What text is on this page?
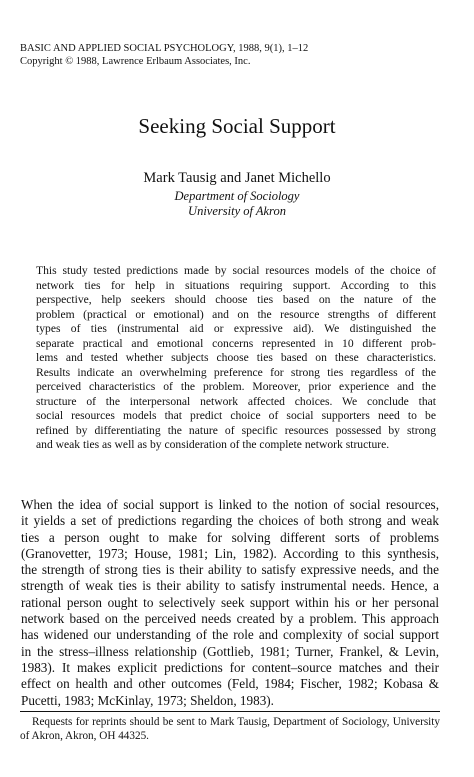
BASIC AND APPLIED SOCIAL PSYCHOLOGY, 1988, 9(1), 1–12
Copyright © 1988, Lawrence Erlbaum Associates, Inc.
Seeking Social Support
Mark Tausig and Janet Michello
Department of Sociology
University of Akron
This study tested predictions made by social resources models of the choice of
network ties for help in situations requiring support. According to this
perspective, help seekers should choose ties based on the nature of the
problem (practical or emotional) and on the resource strengths of different
types of ties (instrumental aid or expressive aid). We distinguished the
separate practical and emotional concerns represented in 10 different prob-
lems and tested whether subjects choose ties based on these characteristics.
Results indicate an overwhelming preference for strong ties regardless of the
perceived characteristics of the problem. Moreover, prior experience and the
structure of the interpersonal network affected choices. We conclude that
social resources models that predict choice of social supporters need to be
refined by differentiating the nature of specific resources possessed by strong
and weak ties as well as by consideration of the complete network structure.
When the idea of social support is linked to the notion of social resources,
it yields a set of predictions regarding the choices of both strong and weak
ties a person ought to make for solving different sorts of problems
(Granovetter, 1973; House, 1981; Lin, 1982). According to this synthesis,
the strength of strong ties is their ability to satisfy expressive needs, and the
strength of weak ties is their ability to satisfy instrumental needs. Hence, a
rational person ought to selectively seek support within his or her personal
network based on the perceived needs created by a problem. This approach
has widened our understanding of the role and complexity of social support
in the stress–illness relationship (Gottlieb, 1981; Turner, Frankel, & Levin,
1983). It makes explicit predictions for content–source matches and their
effect on health and other outcomes (Feld, 1984; Fischer, 1982; Kobasa &
Pucetti, 1983; McKinlay, 1973; Sheldon, 1983).
Requests for reprints should be sent to Mark Tausig, Department of Sociology, University
of Akron, Akron, OH 44325.
